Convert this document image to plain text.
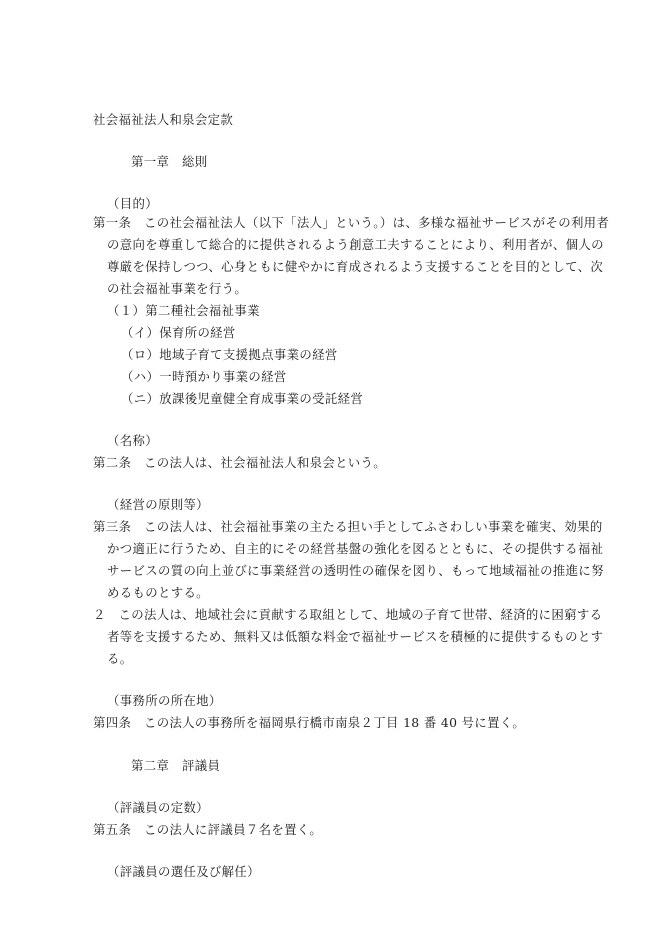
社会福祉法人和泉会定款
第一章　総則
（目的）
第一条　この社会福祉法人（以下「法人」という。）は、多様な福祉サービスがその利用者
の意向を尊重して総合的に提供されるよう創意工夫することにより、利用者が、個人の
尊厳を保持しつつ、心身ともに健やかに育成されるよう支援することを目的として、次
の社会福祉事業を行う。
（１）第二種社会福祉事業
（イ）保育所の経営
（ロ）地域子育て支援拠点事業の経営
（ハ）一時預かり事業の経営
（ニ）放課後児童健全育成事業の受託経営
（名称）
第二条　この法人は、社会福祉法人和泉会という。
（経営の原則等）
第三条　この法人は、社会福祉事業の主たる担い手としてふさわしい事業を確実、効果的
かつ適正に行うため、自主的にその経営基盤の強化を図るとともに、その提供する福祉
サービスの質の向上並びに事業経営の透明性の確保を図り、もって地域福祉の推進に努
めるものとする。
２　この法人は、地域社会に貢献する取組として、地域の子育て世帯、経済的に困窮する
者等を支援するため、無料又は低額な料金で福祉サービスを積極的に提供するものとす
る。
（事務所の所在地）
第四条　この法人の事務所を福岡県行橋市南泉２丁目 18 番 40 号に置く。
第二章　評議員
（評議員の定数）
第五条　この法人に評議員７名を置く。
（評議員の選任及び解任）
